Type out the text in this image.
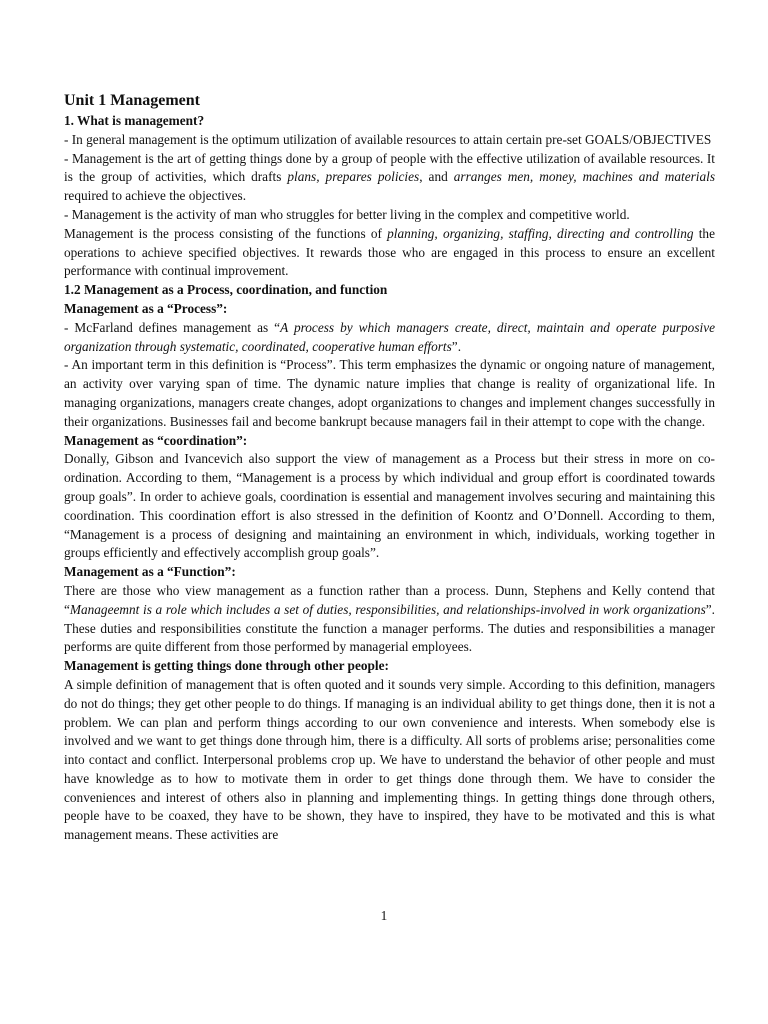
Unit 1 Management
1. What is management?

- In general management is the optimum utilization of available resources to attain certain pre-set GOALS/OBJECTIVES

- Management is the art of getting things done by a group of people with the effective utilization of available resources. It is the group of activities, which drafts plans, prepares policies, and arranges men, money, machines and materials required to achieve the objectives.

- Management is the activity of man who struggles for better living in the complex and competitive world.

Management is the process consisting of the functions of planning, organizing, staffing, directing and controlling the operations to achieve specified objectives. It rewards those who are engaged in this process to ensure an excellent performance with continual improvement.

1.2 Management as a Process, coordination, and function
Management as a “Process”:

- McFarland defines management as “A process by which managers create, direct, maintain and operate purposive organization through systematic, coordinated, cooperative human efforts”.

- An important term in this definition is “Process”. This term emphasizes the dynamic or ongoing nature of management, an activity over varying span of time. The dynamic nature implies that change is reality of organizational life. In managing organizations, managers create changes, adopt organizations to changes and implement changes successfully in their organizations. Businesses fail and become bankrupt because managers fail in their attempt to cope with the change.

Management as “coordination”:

Donally, Gibson and Ivancevich also support the view of management as a Process but their stress in more on co-ordination. According to them, “Management is a process by which individual and group effort is coordinated towards group goals”. In order to achieve goals, coordination is essential and management involves securing and maintaining this coordination. This coordination effort is also stressed in the definition of Koontz and O’Donnell. According to them, “Management is a process of designing and maintaining an environment in which, individuals, working together in groups efficiently and effectively accomplish group goals”.

Management as a “Function”:

There are those who view management as a function rather than a process. Dunn, Stephens and Kelly contend that “Manageemnt is a role which includes a set of duties, responsibilities, and relationships-involved in work organizations”. These duties and responsibilities constitute the function a manager performs. The duties and responsibilities a manager performs are quite different from those performed by managerial employees.

Management is getting things done through other people:

A simple definition of management that is often quoted and it sounds very simple. According to this definition, managers do not do things; they get other people to do things. If managing is an individual ability to get things done, then it is not a problem. We can plan and perform things according to our own convenience and interests. When somebody else is involved and we want to get things done through him, there is a difficulty. All sorts of problems arise; personalities come into contact and conflict. Interpersonal problems crop up. We have to understand the behavior of other people and must have knowledge as to how to motivate them in order to get things done through them. We have to consider the conveniences and interest of others also in planning and implementing things. In getting things done through others, people have to be coaxed, they have to be shown, they have to inspired, they have to be motivated and this is what management means. These activities are

1
